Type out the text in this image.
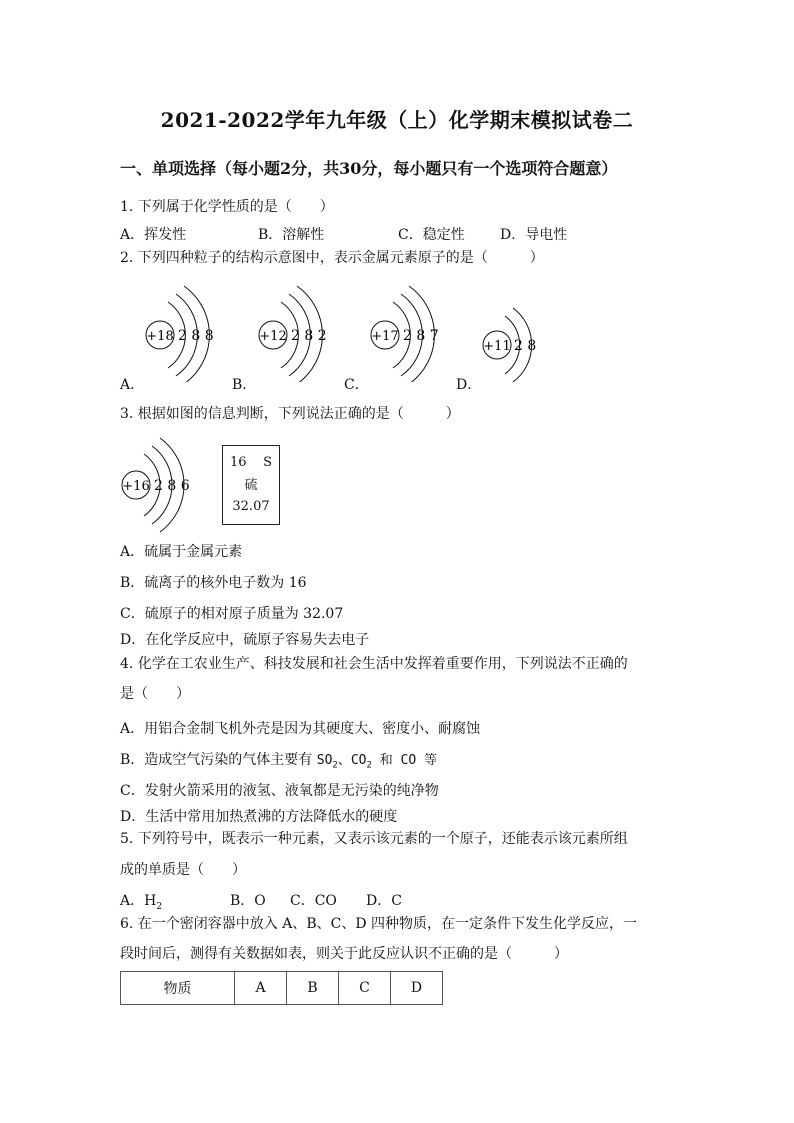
2021-2022学年九年级（上）化学期末模拟试卷二
一、单项选择（每小题2分，共30分，每小题只有一个选项符合题意）
1. 下列属于化学性质的是（　　）
A．挥发性	B．溶解性	C．稳定性	D．导电性
2. 下列四种粒子的结构示意图中，表示金属元素原子的是（　　　）
+18 2 8 8	+12 2 8 2	+17 2 8 7
+11 2 8
A．	B．	C．	D．
3. 根据如图的信息判断，下列说法正确的是（　　　）
+16 2 8 6
16 S
硫
32.07
A．硫属于金属元素
B．硫离子的核外电子数为 16
C．硫原子的相对原子质量为 32.07
D．在化学反应中，硫原子容易失去电子
4. 化学在工农业生产、科技发展和社会生活中发挥着重要作用，下列说法不正确的
是（　　）
A．用铝合金制飞机外壳是因为其硬度大、密度小、耐腐蚀
B．造成空气污染的气体主要有 $SO_2$、$CO_2$ 和 CO 等
C．发射火箭采用的液氢、液氧都是无污染的纯净物
D．生活中常用加热煮沸的方法降低水的硬度
5. 下列符号中，既表示一种元素，又表示该元素的一个原子，还能表示该元素所组
成的单质是（　　）
A．$H_2$	B．O C．CO D．C
6. 在一个密闭容器中放入 A、B、C、D 四种物质，在一定条件下发生化学反应，一
段时间后，测得有关数据如表，则关于此反应认识不正确的是（　　　）
物质	A	B	C	D
